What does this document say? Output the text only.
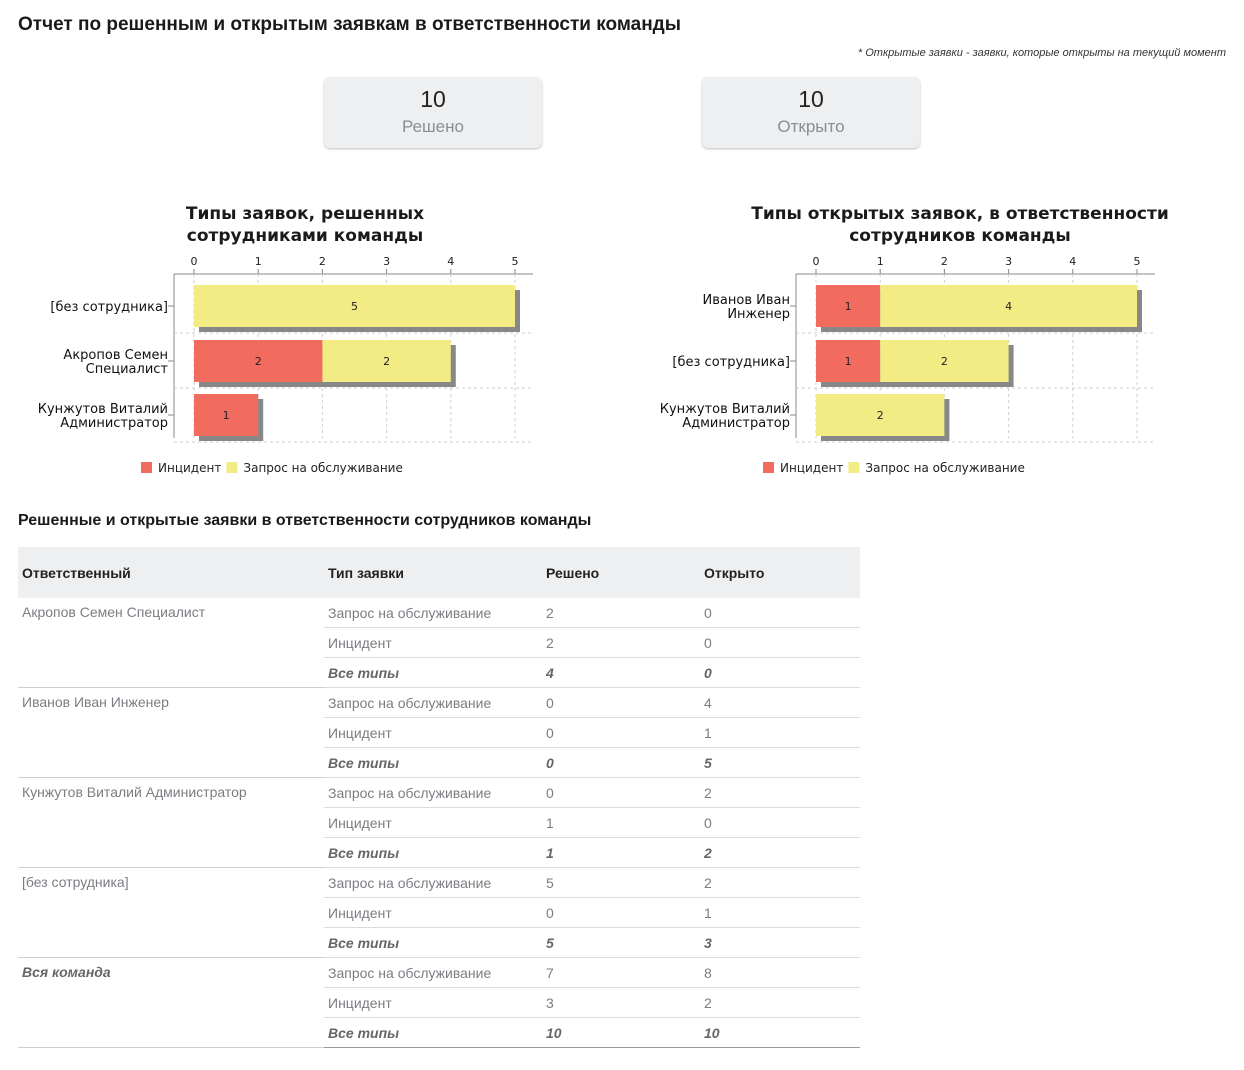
Отчет по решенным и открытым заявкам в ответственности команды
* Открытые заявки - заявки, которые открыты на текущий момент
10
Решено
10
Открыто
Типы заявок, решенных
сотрудниками команды
Типы открытых заявок, в ответственности
сотрудников команды
0	1	2	3	4	5
[без сотрудника]	5
Акропов Семен
Специалист
2	2
Кунжутов Виталий
Администратор
1
Инцидент Запрос на обслуживание
0	1	2	3	4	5
Иванов Иван
Инженер
1	4
[без сотрудника]	1	2
Кунжутов Виталий
Администратор
2
Инцидент Запрос на обслуживание
Решенные и открытые заявки в ответственности сотрудников команды
Ответственный	Тип заявки	Решено	Открыто
Акропов Семен Специалист	Запрос на обслуживание	2	0
	Инцидент	2	0
	Все типы	4	0
Иванов Иван Инженер	Запрос на обслуживание	0	4
	Инцидент	0	1
	Все типы	0	5
Кунжутов Виталий Администратор	Запрос на обслуживание	0	2
	Инцидент	1	0
	Все типы	1	2
[без сотрудника]	Запрос на обслуживание	5	2
	Инцидент	0	1
	Все типы	5	3
Вся команда	Запрос на обслуживание	7	8
	Инцидент	3	2
	Все типы	10	10
